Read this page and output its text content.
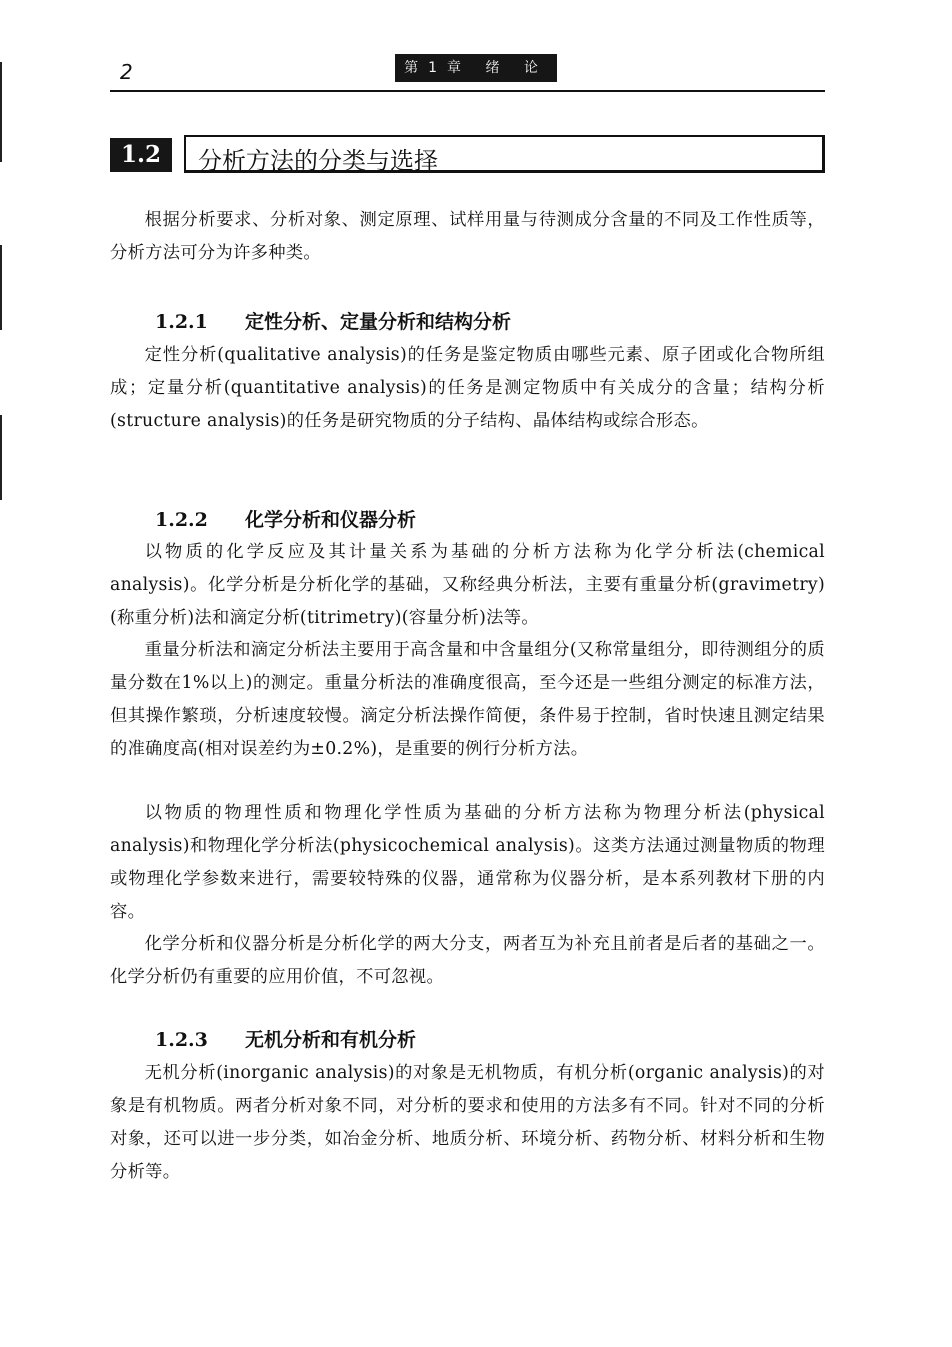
2	第1章 绪 论
1.2	分析方法的分类与选择

根据分析要求、分析对象、测定原理、试样用量与待测成分含量的不同及工作性质等，分析方法可分为许多种类。

1.2.1 定性分析、定量分析和结构分析

定性分析(qualitative analysis)的任务是鉴定物质由哪些元素、原子团或化合物所组成；定量分析(quantitative analysis)的任务是测定物质中有关成分的含量；结构分析(structure analysis)的任务是研究物质的分子结构、晶体结构或综合形态。

1.2.2 化学分析和仪器分析

以物质的化学反应及其计量关系为基础的分析方法称为化学分析法(chemical analysis)。化学分析是分析化学的基础，又称经典分析法，主要有重量分析(gravimetry)(称重分析)法和滴定分析(titrimetry)(容量分析)法等。

重量分析法和滴定分析法主要用于高含量和中含量组分(又称常量组分，即待测组分的质量分数在1%以上)的测定。重量分析法的准确度很高，至今还是一些组分测定的标准方法，但其操作繁琐，分析速度较慢。滴定分析法操作简便，条件易于控制，省时快速且测定结果的准确度高(相对误差约为±0.2%)，是重要的例行分析方法。

以物质的物理性质和物理化学性质为基础的分析方法称为物理分析法(physical analysis)和物理化学分析法(physicochemical analysis)。这类方法通过测量物质的物理或物理化学参数来进行，需要较特殊的仪器，通常称为仪器分析，是本系列教材下册的内容。

化学分析和仪器分析是分析化学的两大分支，两者互为补充且前者是后者的基础之一。化学分析仍有重要的应用价值，不可忽视。

1.2.3 无机分析和有机分析

无机分析(inorganic analysis)的对象是无机物质，有机分析(organic analysis)的对象是有机物质。两者分析对象不同，对分析的要求和使用的方法多有不同。针对不同的分析对象，还可以进一步分类，如冶金分析、地质分析、环境分析、药物分析、材料分析和生物分析等。
